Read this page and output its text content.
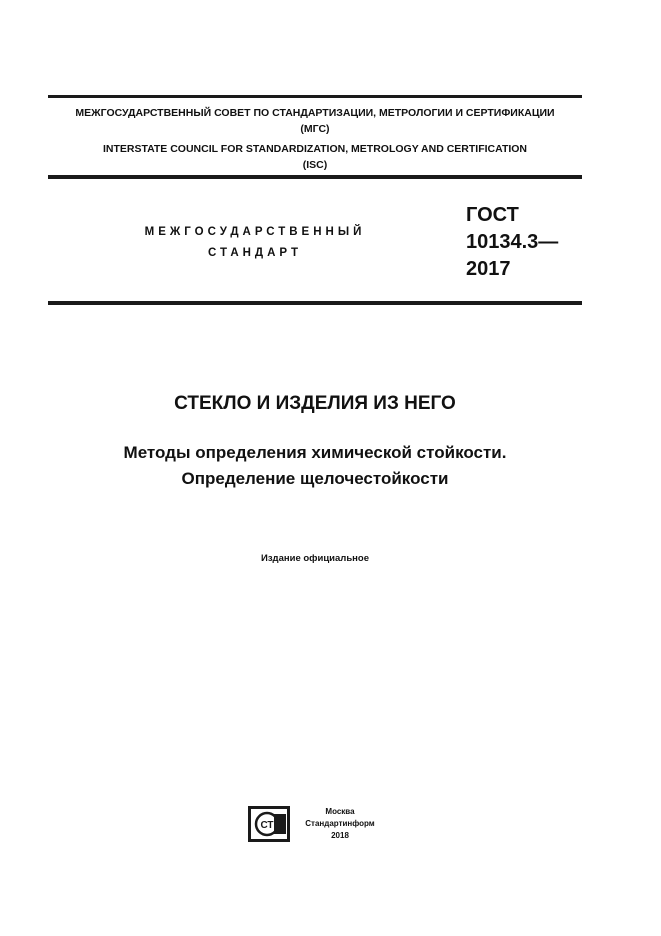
МЕЖГОСУДАРСТВЕННЫЙ СОВЕТ ПО СТАНДАРТИЗАЦИИ, МЕТРОЛОГИИ И СЕРТИФИКАЦИИ
(МГС)
INTERSTATE COUNCIL FOR STANDARDIZATION, METROLOGY AND CERTIFICATION
(ISC)
МЕЖГОСУДАРСТВЕННЫЙ
СТАНДАРТ
ГОСТ
10134.3—
2017
СТЕКЛО И ИЗДЕЛИЯ ИЗ НЕГО
Методы определения химической стойкости.
Определение щелочестойкости
Издание официальное
СТ
Москва
Стандартинформ
2018
